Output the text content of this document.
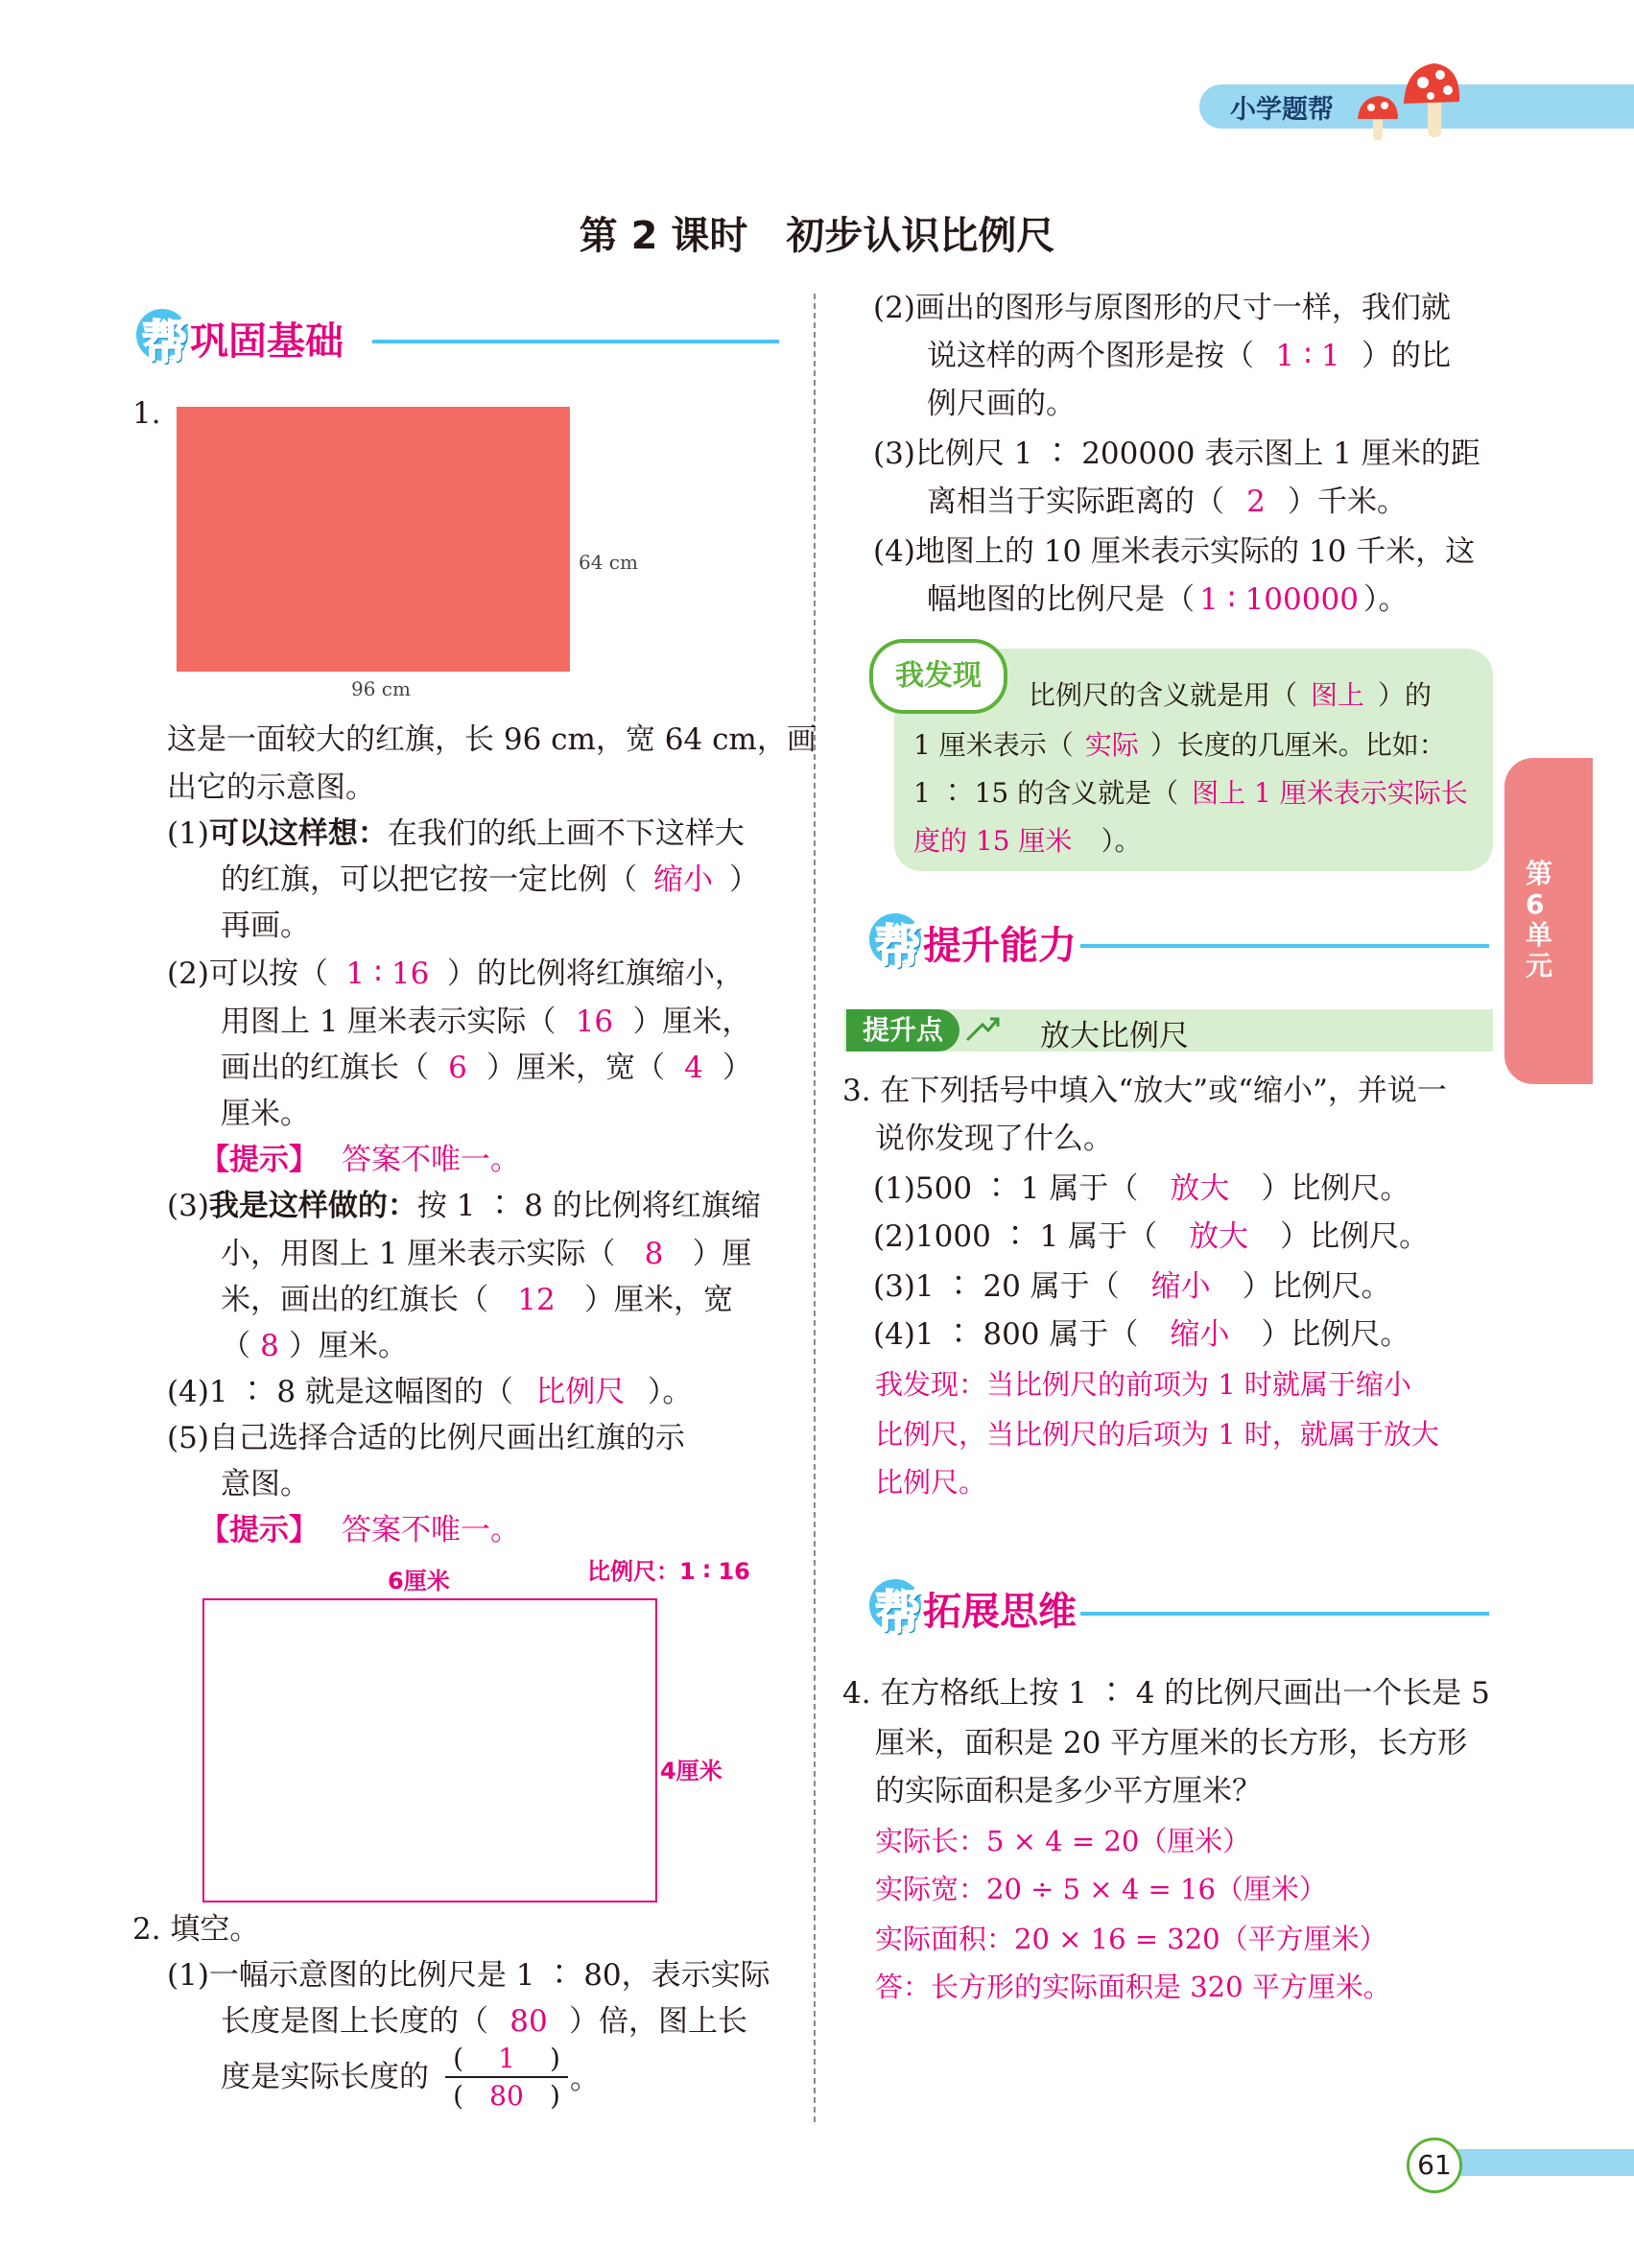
小学题帮
第 2 课时　初步认识比例尺
第6单元
帮 巩固基础
1.
64 cm
96 cm
这是一面较大的红旗，长 96 cm，宽 64 cm，画
出它的示意图。
(1)可以这样想：在我们的纸上画不下这样大
的红旗，可以把它按一定比例（ 缩小 ）
再画。
(2)可以按（ 1 ∶ 16 ）的比例将红旗缩小，
用图上 1 厘米表示实际（ 16 ）厘米，
画出的红旗长（ 6 ）厘米，宽（ 4 ）
厘米。
【提示】 答案不唯一。
(3)我是这样做的：按 1 ∶ 8 的比例将红旗缩
小，用图上 1 厘米表示实际（ 8 ）厘
米，画出的红旗长（ 12 ）厘米，宽
（ 8 ）厘米。
(4)1 ∶ 8 就是这幅图的（ 比例尺 ）。
(5)自己选择合适的比例尺画出红旗的示
意图。
【提示】 答案不唯一。
比例尺：1 ∶ 16
6厘米
4厘米
2. 填空。
(1)一幅示意图的比例尺是 1 ∶ 80，表示实际
长度是图上长度的（ 80 ）倍，图上长
度是实际长度的
( 1 )
( 80 ) 。
(2)画出的图形与原图形的尺寸一样，我们就
说这样的两个图形是按（ 1 ∶ 1 ）的比
例尺画的。
(3)比例尺 1 ∶ 200000 表示图上 1 厘米的距
离相当于实际距离的（ 2 ）千米。
(4)地图上的 10 厘米表示实际的 10 千米，这
幅地图的比例尺是（ 1 ∶ 100000 ）。
我发现
比例尺的含义就是用（ 图上 ）的
1 厘米表示（ 实际 ）长度的几厘米。比如：
1 ∶ 15 的含义就是（ 图上 1 厘米表示实际长
度的 15 厘米 ）。
帮 提升能力
提升点	放大比例尺
3. 在下列括号中填入“放大”或“缩小”，并说一
说你发现了什么。
(1)500 ∶ 1 属于（ 放大 ）比例尺。
(2)1000 ∶ 1 属于（ 放大 ）比例尺。
(3)1 ∶ 20 属于（ 缩小 ）比例尺。
(4)1 ∶ 800 属于（ 缩小 ）比例尺。
我发现：当比例尺的前项为 1 时就属于缩小
比例尺，当比例尺的后项为 1 时，就属于放大
比例尺。
帮 拓展思维
4. 在方格纸上按 1 ∶ 4 的比例尺画出一个长是 5
厘米，面积是 20 平方厘米的长方形，长方形
的实际面积是多少平方厘米？
实际长：5 × 4 = 20（厘米）
实际宽：20 ÷ 5 × 4 = 16（厘米）
实际面积：20 × 16 = 320（平方厘米）
答：长方形的实际面积是 320 平方厘米。
61
